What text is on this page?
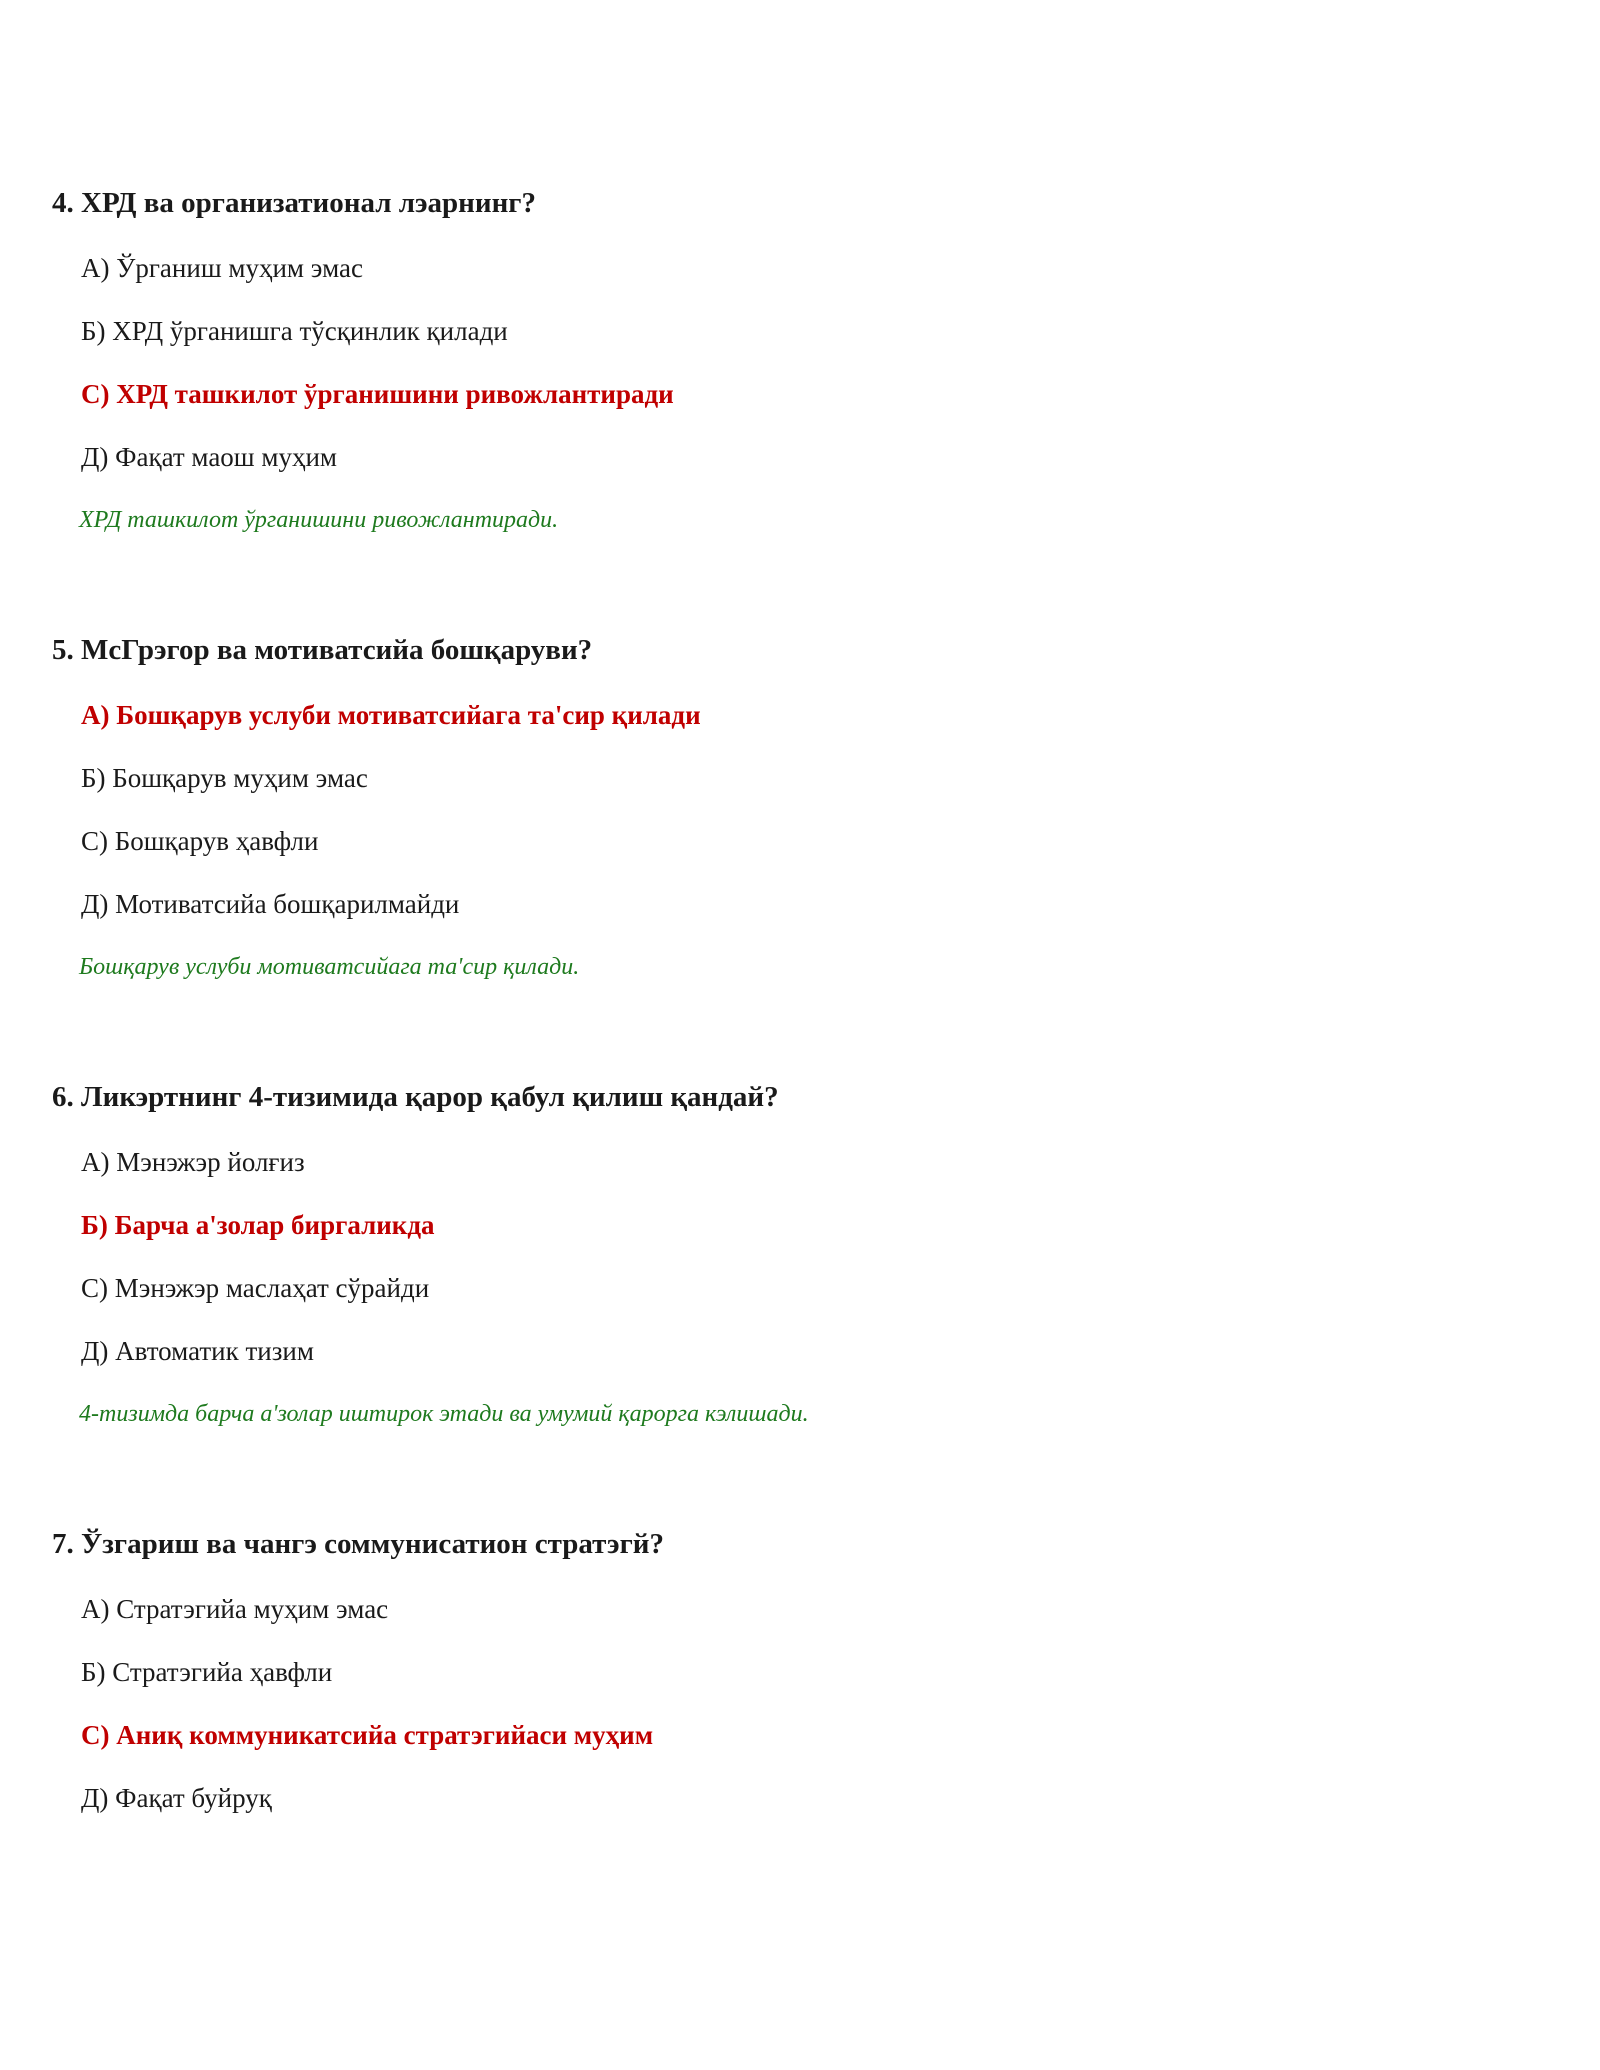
4. ХРД ва организатионал лэарнинг?

А) Ўрганиш муҳим эмас

Б) ХРД ўрганишга тўсқинлик қилади

С) ХРД ташкилот ўрганишини ривожлантиради

Д) Фақат маош муҳим

ХРД ташкилот ўрганишини ривожлантиради.

5. МсГрэгор ва мотиватсийа бошқаруви?

А) Бошқарув услуби мотиватсийага та'сир қилади

Б) Бошқарув муҳим эмас

С) Бошқарув ҳавфли

Д) Мотиватсийа бошқарилмайди

Бошқарув услуби мотиватсийага та'сир қилади.

6. Ликэртнинг 4-тизимида қарор қабул қилиш қандай?

А) Мэнэжэр йолғиз

Б) Барча а'золар биргаликда

С) Мэнэжэр маслаҳат сўрайди

Д) Автоматик тизим

4-тизимда барча а'золар иштирок этади ва умумий қарорга кэлишади.

7. Ўзгариш ва чангэ соммунисатион стратэгй?

А) Стратэгийа муҳим эмас

Б) Стратэгийа ҳавфли

С) Аниқ коммуникатсийа стратэгийаси муҳим

Д) Фақат буйруқ
